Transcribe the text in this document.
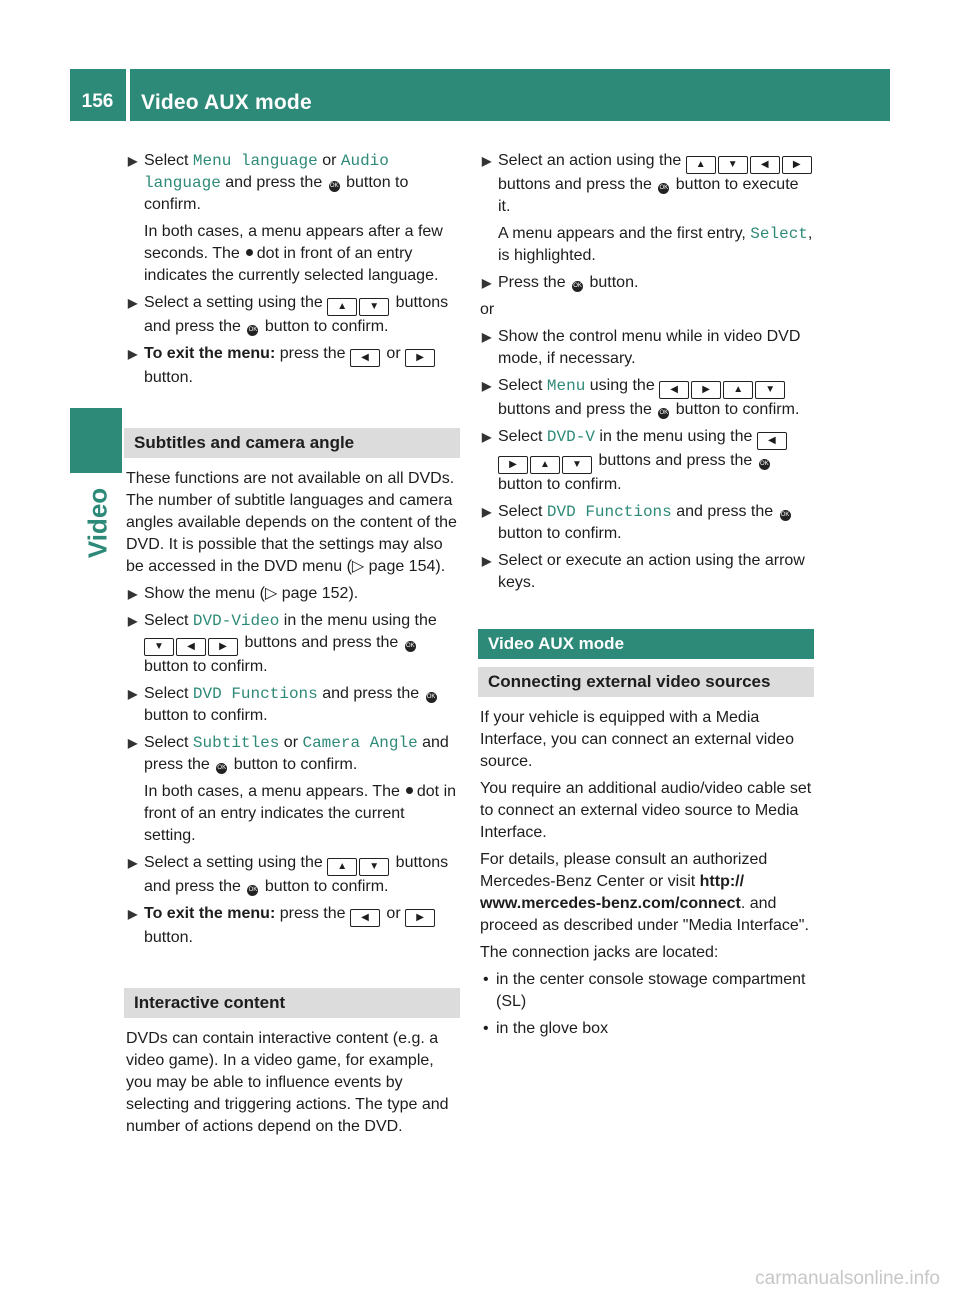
156	Video AUX mode
Video
▶ Select Menu language or Audio language and press the OK button to confirm.
In both cases, a menu appears after a few seconds. The dot in front of an entry indicates the currently selected language.
▶ Select a setting using the ▲ ▼ buttons and press the OK button to confirm.
▶ To exit the menu: press the ◀ or ▶ button.
Subtitles and camera angle
These functions are not available on all DVDs. The number of subtitle languages and camera angles available depends on the content of the DVD. It is possible that the settings may also be accessed in the DVD menu (▷ page 154).
▶ Show the menu (▷ page 152).
▶ Select DVD-Video in the menu using the ▼ ◀ ▶ buttons and press the OK button to confirm.
▶ Select DVD Functions and press the OK button to confirm.
▶ Select Subtitles or Camera Angle and press the OK button to confirm.
In both cases, a menu appears. The dot in front of an entry indicates the current setting.
▶ Select a setting using the ▲ ▼ buttons and press the OK button to confirm.
▶ To exit the menu: press the ◀ or ▶ button.
Interactive content
DVDs can contain interactive content (e.g. a video game). In a video game, for example, you may be able to influence events by selecting and triggering actions. The type and number of actions depend on the DVD.
▶ Select an action using the ▲ ▼ ◀ ▶ buttons and press the OK button to execute it.
A menu appears and the first entry, Select, is highlighted.
▶ Press the OK button.
or
▶ Show the control menu while in video DVD mode, if necessary.
▶ Select Menu using the ◀ ▶ ▲ ▼ buttons and press the OK button to confirm.
▶ Select DVD-V in the menu using the ◀▶ ▲ ▼ buttons and press the OK button to confirm.
▶ Select DVD Functions and press the OK button to confirm.
▶ Select or execute an action using the arrow keys.
Video AUX mode
Connecting external video sources
If your vehicle is equipped with a Media Interface, you can connect an external video source.
You require an additional audio/video cable set to connect an external video source to Media Interface.
For details, please consult an authorized Mercedes-Benz Center or visit http:// www.mercedes-benz.com/connect. and proceed as described under "Media Interface".
The connection jacks are located:
• in the center console stowage compartment (SL)
• in the glove box
carmanualsonline.info
